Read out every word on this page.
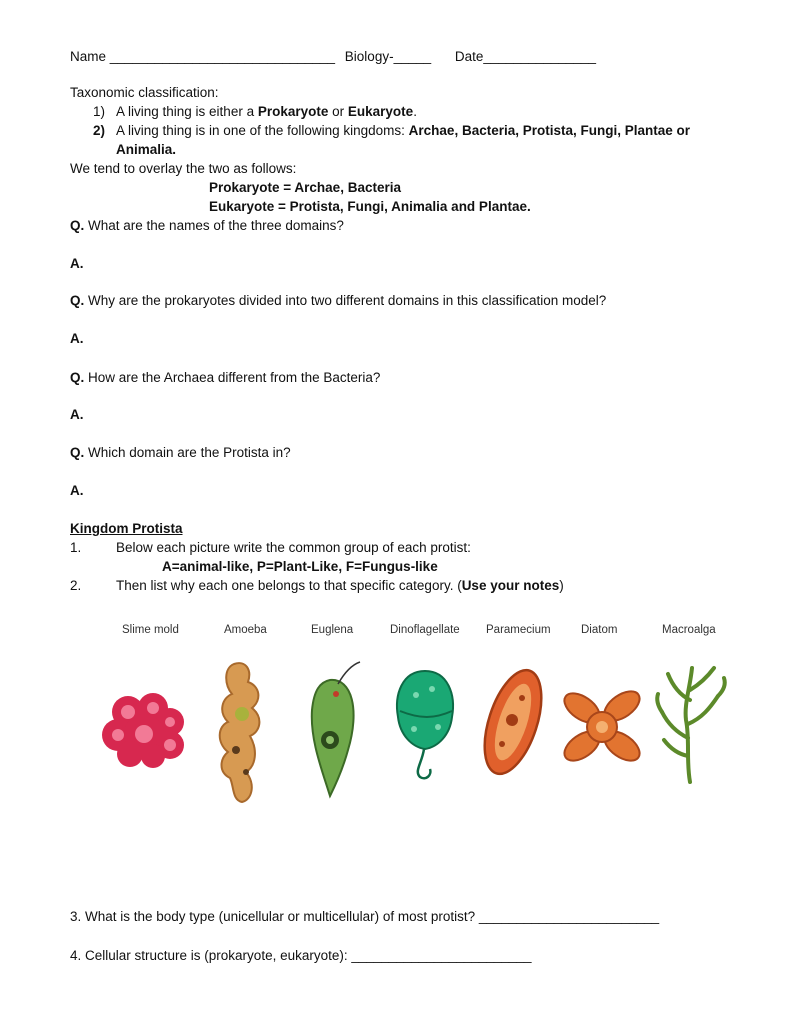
Name ______________________________ Biology-_____ Date_______________
Taxonomic classification:
1) A living thing is either a Prokaryote or Eukaryote.
2) A living thing is in one of the following kingdoms: Archae, Bacteria, Protista, Fungi, Plantae or
Animalia.
We tend to overlay the two as follows:
Prokaryote = Archae, Bacteria
Eukaryote = Protista, Fungi, Animalia and Plantae.
Q. What are the names of the three domains?
A.
Q. Why are the prokaryotes divided into two different domains in this classification model?
A.
Q. How are the Archaea different from the Bacteria?
A.
Q. Which domain are the Protista in?
A.
Kingdom Protista
1.	Below each picture write the common group of each protist:
A=animal-like, P=Plant-Like, F=Fungus-like
2.	Then list why each one belongs to that specific category. (Use your notes)
Slime mold	Amoeba	Euglena	Dinoflagellate Paramecium	Diatom	Macroalga
3. What is the body type (unicellular or multicellular) of most protist? ________________________
4. Cellular structure is (prokaryote, eukaryote): ________________________
